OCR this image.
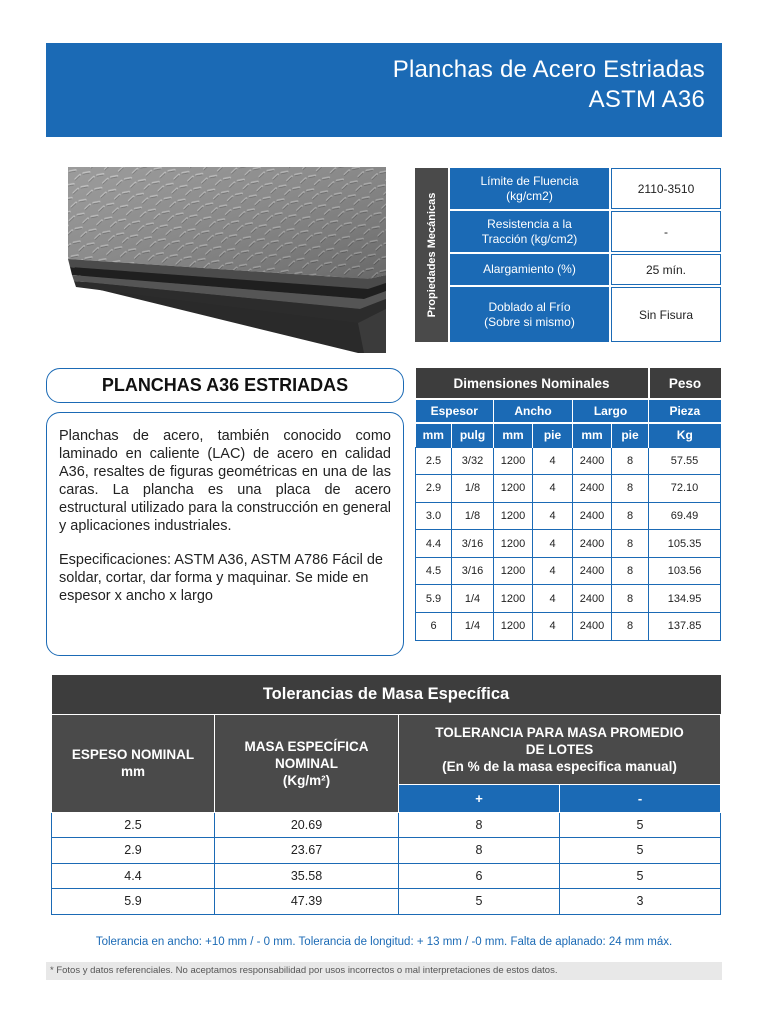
Planchas de Acero Estriadas
ASTM A36
Propiedades Mecánicas
Límite de Fluencia
(kg/cm2)	2110-3510
Resistencia a la
Tracción (kg/cm2)	-
Alargamiento (%)	25 mín.
Doblado al Frío
(Sobre si mismo)	Sin Fisura
PLANCHAS A36 ESTRIADAS

Planchas de acero, también conocido como laminado en caliente (LAC) de acero en calidad A36, resaltes de figuras geométricas en una de las caras. La plancha es una placa de acero estructural utilizado para la construcción en general y aplicaciones industriales.

Especificaciones: ASTM A36, ASTM A786 Fácil de soldar, cortar, dar forma y maquinar. Se mide en espesor x ancho x largo

Dimensiones Nominales						Peso
Espesor		Ancho		Largo		Pieza
mm	pulg	mm	pie	mm	pie	Kg
2.5	3/32	1200	4	2400	8	57.55
2.9	1/8	1200	4	2400	8	72.10
3.0	1/8	1200	4	2400	8	69.49
4.4	3/16	1200	4	2400	8	105.35
4.5	3/16	1200	4	2400	8	103.56
5.9	1/4	1200	4	2400	8	134.95
6	1/4	1200	4	2400	8	137.85
Tolerancias de Masa Específica			
ESPESO NOMINAL
mm	MASA ESPECÍFICA
NOMINAL
(Kg/m²)	TOLERANCIA PARA MASA PROMEDIO
DE LOTES
(En % de la masa especifica manual)	
		+	-
2.5	20.69	8	5
2.9	23.67	8	5
4.4	35.58	6	5
5.9	47.39	5	3
Tolerancia en ancho: +10 mm / - 0 mm. Tolerancia de longitud: + 13 mm / -0 mm. Falta de aplanado: 24 mm máx.
* Fotos y datos referenciales. No aceptamos responsabilidad por usos incorrectos o mal interpretaciones de estos datos.
